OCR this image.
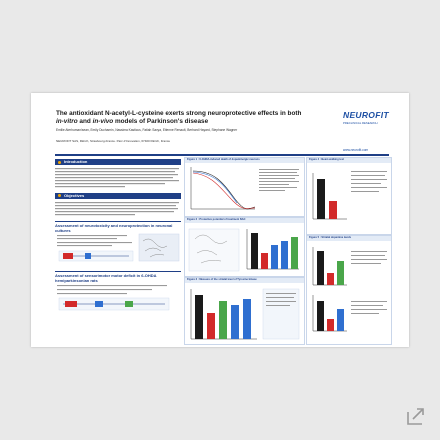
The antioxidant N-acetyl-L-cysteine exerts strong neuroprotective effects in both
in-vitro and in-vivo models of Parkinson's disease
Emilie Aterhuman/sean, Emily Duchamin, Nassima Kasticus, Fatiah Savya, Etienne Renault, Berhard Hayard, Stephane Wagner
NEUROFIT SAS, Illkirch, Strasbourg-France. Parc d'Innovation, 67400 Illkirch, France
NEUROFIT
PRECLINICAL RESEARCH
www.neurofit.com
Introduction
Objectives
Assessment of neurotoxicity and neuroprotection in neuronal cultures
Assessment of sensorimotor motor deficit in 6-OHDA hemiparkinsonian rats
Figure 1 : 6-OHDA-induced death of dopaminergic neurons
Figure 2 : Protective potential of treatment NAC
Figure 3 : Measure of the striatal level of Tyrosine kinase
Figure 4 : Beam walking test
Figure 5 : Striatal dopamine levels
